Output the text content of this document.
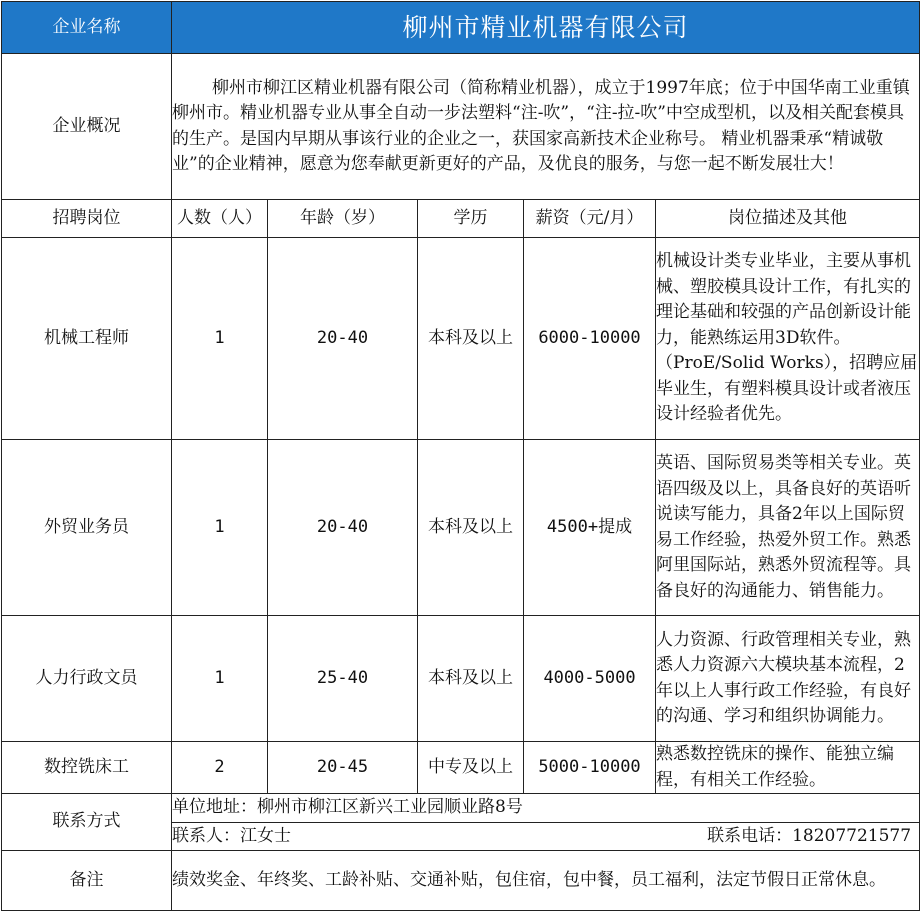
企业名称	柳州市精业机器有限公司				
企业概况	柳州市柳江区精业机器有限公司（简称精业机器），成立于1997年底；位于中国华南工业重镇柳州市。精业机器专业从事全自动一步法塑料“注-吹”，“注-拉-吹”中空成型机，以及相关配套模具的生产。是国内早期从事该行业的企业之一，获国家高新技术企业称号。 精业机器秉承“精诚敬业”的企业精神，愿意为您奉献更新更好的产品，及优良的服务，与您一起不断发展壮大！				
招聘岗位	人数（人）	年龄（岁）	学历	薪资（元/月）	岗位描述及其他
机械工程师	1	20-40	本科及以上	6000-10000	机械设计类专业毕业，主要从事机械、塑胶模具设计工作，有扎实的理论基础和较强的产品创新设计能力，能熟练运用3D软件。（ProE/Solid Works），招聘应届毕业生，有塑料模具设计或者液压设计经验者优先。
外贸业务员	1	20-40	本科及以上	4500+提成	英语、国际贸易类等相关专业。英语四级及以上，具备良好的英语听说读写能力，具备2年以上国际贸易工作经验，热爱外贸工作。熟悉阿里国际站，熟悉外贸流程等。具备良好的沟通能力、销售能力。
人力行政文员	1	25-40	本科及以上	4000-5000	人力资源、行政管理相关专业，熟悉人力资源六大模块基本流程，2年以上人事行政工作经验，有良好的沟通、学习和组织协调能力。
数控铣床工	2	20-45	中专及以上	5000-10000	熟悉数控铣床的操作、能独立编程，有相关工作经验。
联系方式	单位地址：柳州市柳江区新兴工业园顺业路8号				
	联系人：江女士 联系电话：18207721577				

备注	绩效奖金、年终奖、工龄补贴、交通补贴，包住宿，包中餐，员工福利，法定节假日正常休息。				
